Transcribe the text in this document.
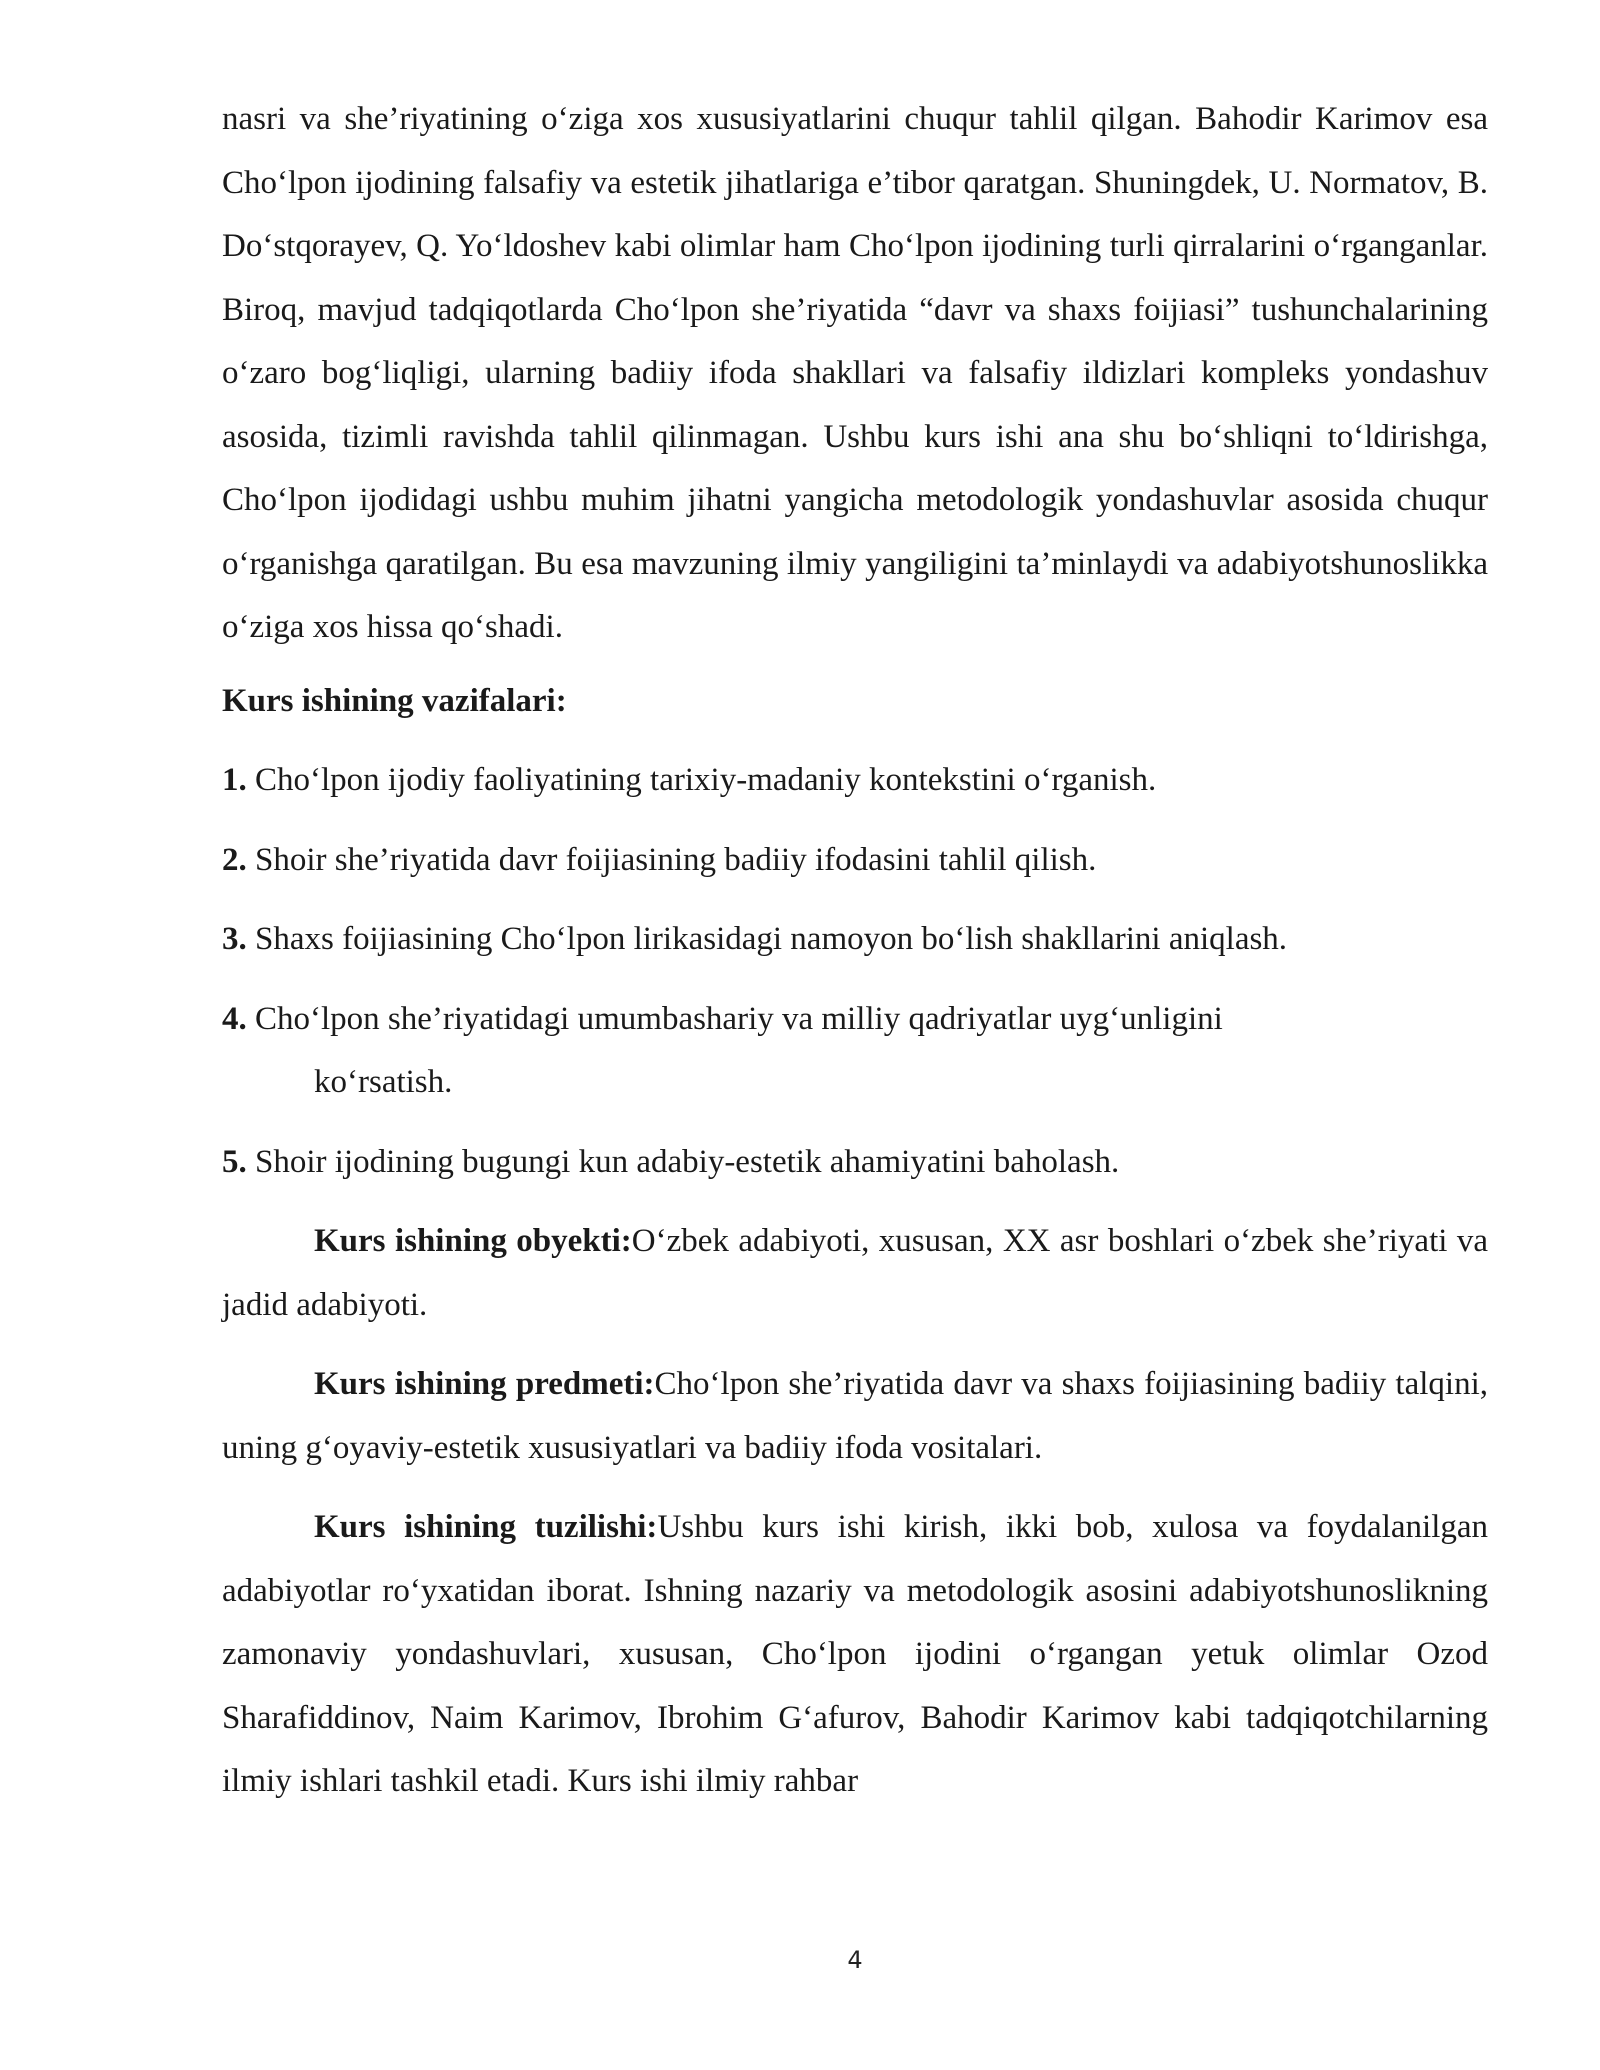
nasri va she’riyatining o‘ziga xos xususiyatlarini chuqur tahlil qilgan. Bahodir Karimov esa Cho‘lpon ijodining falsafiy va estetik jihatlariga e’tibor qaratgan. Shuningdek, U. Normatov, B. Do‘stqorayev, Q. Yo‘ldoshev kabi olimlar ham Cho‘lpon ijodining turli qirralarini o‘rganganlar. Biroq, mavjud tadqiqotlarda Cho‘lpon she’riyatida “davr va shaxs foijiasi” tushunchalarining o‘zaro bog‘liqligi, ularning badiiy ifoda shakllari va falsafiy ildizlari kompleks yondashuv asosida, tizimli ravishda tahlil qilinmagan. Ushbu kurs ishi ana shu bo‘shliqni to‘ldirishga, Cho‘lpon ijodidagi ushbu muhim jihatni yangicha metodologik yondashuvlar asosida chuqur o‘rganishga qaratilgan. Bu esa mavzuning ilmiy yangiligini ta’minlaydi va adabiyotshunoslikka o‘ziga xos hissa qo‘shadi.

Kurs ishining vazifalari:

1. Cho‘lpon ijodiy faoliyatining tarixiy-madaniy kontekstini o‘rganish.

2. Shoir she’riyatida davr foijiasining badiiy ifodasini tahlil qilish.

3. Shaxs foijiasining Cho‘lpon lirikasidagi namoyon bo‘lish shakllarini aniqlash.

4. Cho‘lpon she’riyatidagi umumbashariy va milliy qadriyatlar uyg‘unligini
ko‘rsatish.

5. Shoir ijodining bugungi kun adabiy-estetik ahamiyatini baholash.

Kurs ishining obyekti:O‘zbek adabiyoti, xususan, XX asr boshlari o‘zbek she’riyati va jadid adabiyoti.

Kurs ishining predmeti:Cho‘lpon she’riyatida davr va shaxs foijiasining badiiy talqini, uning g‘oyaviy-estetik xususiyatlari va badiiy ifoda vositalari.

Kurs ishining tuzilishi:Ushbu kurs ishi kirish, ikki bob, xulosa va foydalanilgan adabiyotlar ro‘yxatidan iborat. Ishning nazariy va metodologik asosini adabiyotshunoslikning zamonaviy yondashuvlari, xususan, Cho‘lpon ijodini o‘rgangan yetuk olimlar Ozod Sharafiddinov, Naim Karimov, Ibrohim G‘afurov, Bahodir Karimov kabi tadqiqotchilarning ilmiy ishlari tashkil etadi. Kurs ishi ilmiy rahbar

4
